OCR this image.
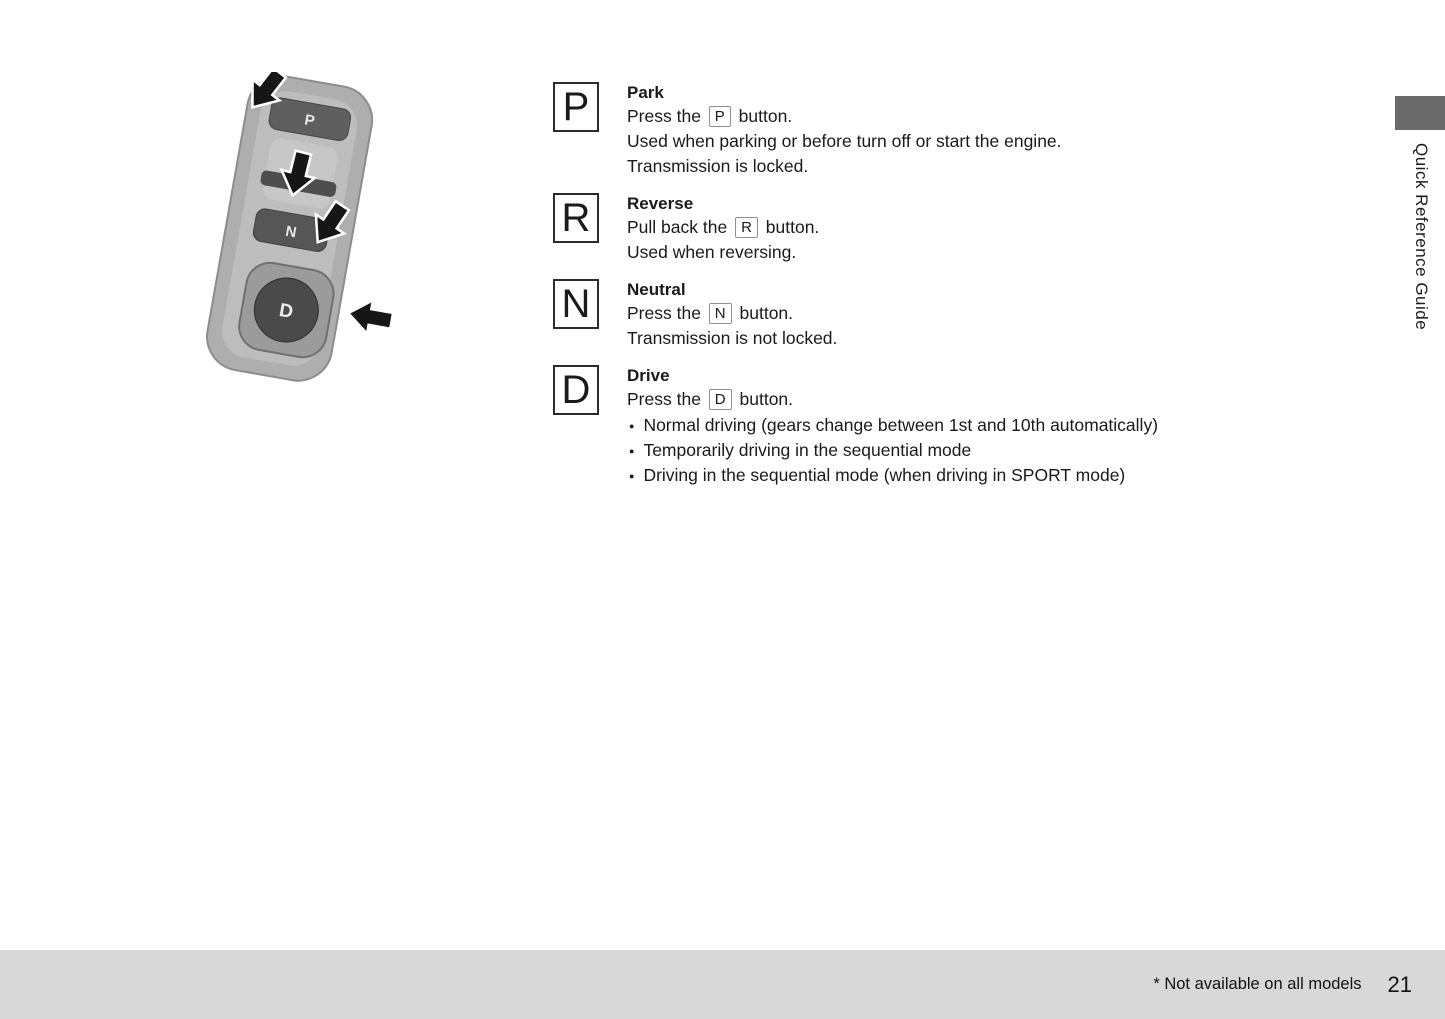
P
N
D
P	Park
Press the P button.
Used when parking or before turn off or start the engine.
Transmission is locked.
R	Reverse
Pull back the R button.
Used when reversing.
N	Neutral
Press the N button.
Transmission is not locked.
D	Drive
Press the D button.
● Normal driving (gears change between 1st and 10th automatically)
● Temporarily driving in the sequential mode
● Driving in the sequential mode (when driving in SPORT mode)
Quick Reference Guide
* Not available on all models 21
